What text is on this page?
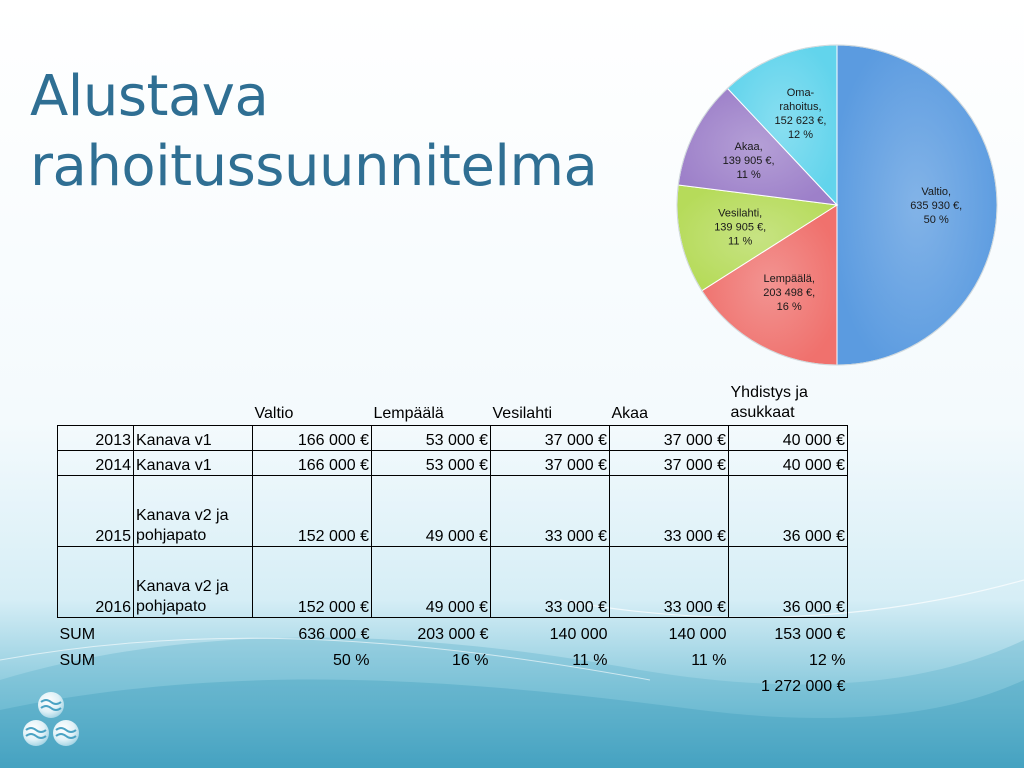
Alustava
rahoitussuunnitelma	Valtio, 635 930 €, 50 %
Lempäälä, 203 498 €, 16 %
Vesilahti, 139 905 €, 11 %
Akaa, 139 905 €, 11 %
Oma-rahoitus, 152 623 €, 12 %
		Valtio	Lempäälä	Vesilahti	Akaa	Yhdistys ja asukkaat
2013	Kanava v1	166 000 €	53 000 €	37 000 €	37 000 €	40 000 €
2014	Kanava v1	166 000 €	53 000 €	37 000 €	37 000 €	40 000 €
2015	Kanava v2 ja pohjapato	152 000 €	49 000 €	33 000 €	33 000 €	36 000 €
2016	Kanava v2 ja pohjapato	152 000 €	49 000 €	33 000 €	33 000 €	36 000 €
SUM		636 000 €	203 000 €	140 000	140 000	153 000 €
SUM		50 %	16 %	11 %	11 %	12 %
						1 272 000 €
